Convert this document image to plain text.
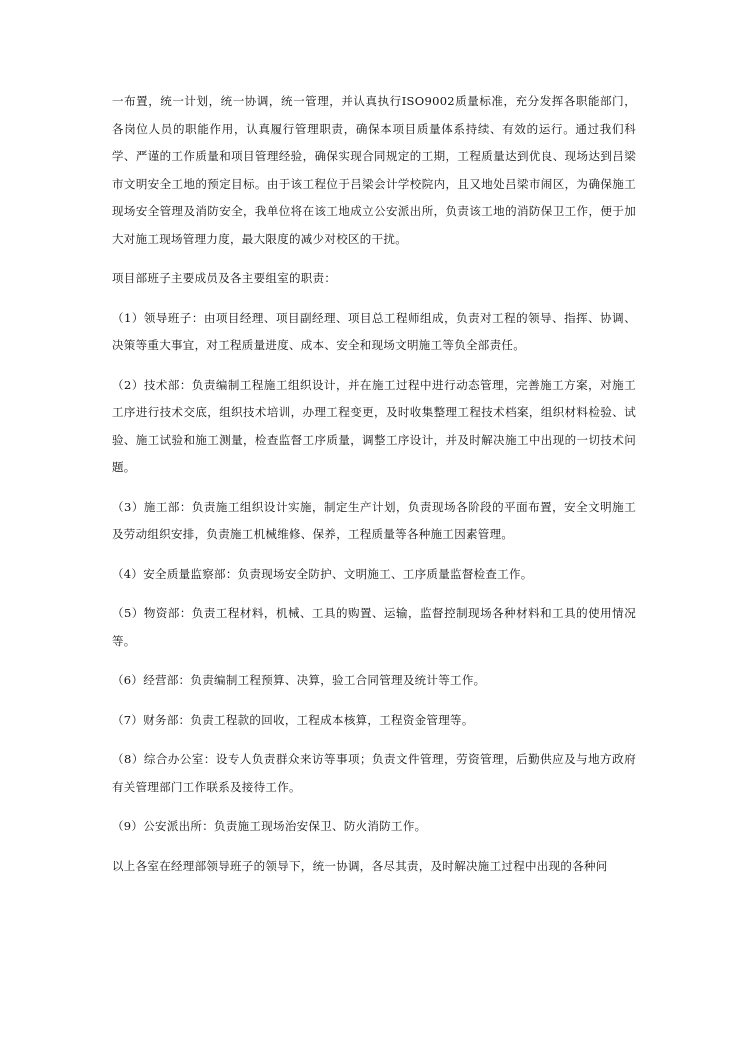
一布置，统一计划，统一协调，统一管理，并认真执行ISO9002质量标准，充分发挥各职能部门，各岗位人员的职能作用，认真履行管理职责，确保本项目质量体系持续、有效的运行。通过我们科学、严谨的工作质量和项目管理经验，确保实现合同规定的工期，工程质量达到优良、现场达到吕梁市文明安全工地的预定目标。由于该工程位于吕梁会计学校院内，且又地处吕梁市闹区，为确保施工现场安全管理及消防安全，我单位将在该工地成立公安派出所，负责该工地的消防保卫工作，便于加大对施工现场管理力度，最大限度的减少对校区的干扰。

项目部班子主要成员及各主要组室的职责：

（1）领导班子：由项目经理、项目副经理、项目总工程师组成，负责对工程的领导、指挥、协调、决策等重大事宜，对工程质量进度、成本、安全和现场文明施工等负全部责任。

（2）技术部：负责编制工程施工组织设计，并在施工过程中进行动态管理，完善施工方案，对施工工序进行技术交底，组织技术培训，办理工程变更，及时收集整理工程技术档案，组织材料检验、试验、施工试验和施工测量，检查监督工序质量，调整工序设计，并及时解决施工中出现的一切技术问题。

（3）施工部：负责施工组织设计实施，制定生产计划，负责现场各阶段的平面布置，安全文明施工及劳动组织安排，负责施工机械维修、保养，工程质量等各种施工因素管理。

（4）安全质量监察部：负责现场安全防护、文明施工、工序质量监督检查工作。

（5）物资部：负责工程材料，机械、工具的购置、运输，监督控制现场各种材料和工具的使用情况等。

（6）经营部：负责编制工程预算、决算，验工合同管理及统计等工作。

（7）财务部：负责工程款的回收，工程成本核算，工程资金管理等。

（8）综合办公室：设专人负责群众来访等事项；负责文件管理，劳资管理，后勤供应及与地方政府有关管理部门工作联系及接待工作。

（9）公安派出所：负责施工现场治安保卫、防火消防工作。

以上各室在经理部领导班子的领导下，统一协调，各尽其责，及时解决施工过程中出现的各种问
